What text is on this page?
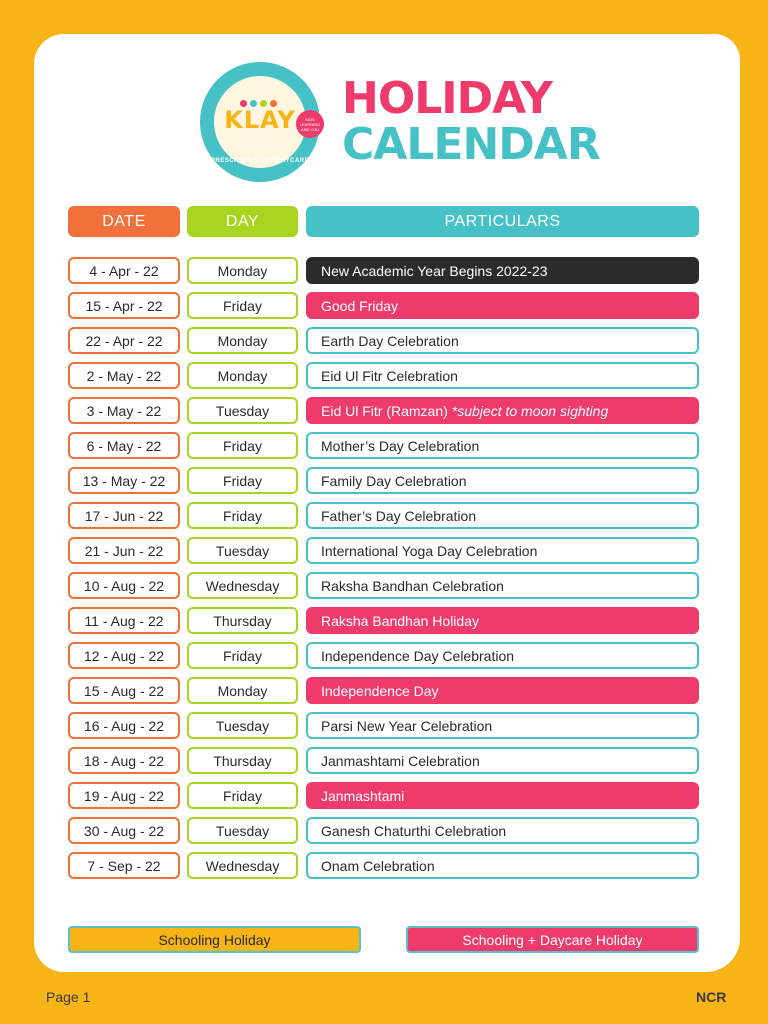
KLAY
PRESCHOOLS AND DAYCARE
KIDS LEARNING AND YOU
HOLIDAY
CALENDAR
DATE	DAY	PARTICULARS
4 - Apr - 22	Monday	New Academic Year Begins 2022-23
15 - Apr - 22	Friday	Good Friday
22 - Apr - 22	Monday	Earth Day Celebration
2 - May - 22	Monday	Eid Ul Fitr Celebration
3 - May - 22	Tuesday	Eid Ul Fitr (Ramzan) *subject to moon sighting
6 - May - 22	Friday	Mother’s Day Celebration
13 - May - 22	Friday	Family Day Celebration
17 - Jun - 22	Friday	Father’s Day Celebration
21 - Jun - 22	Tuesday	International Yoga Day Celebration
10 - Aug - 22	Wednesday	Raksha Bandhan Celebration
11 - Aug - 22	Thursday	Raksha Bandhan Holiday
12 - Aug - 22	Friday	Independence Day Celebration
15 - Aug - 22	Monday	Independence Day
16 - Aug - 22	Tuesday	Parsi New Year Celebration
18 - Aug - 22	Thursday	Janmashtami Celebration
19 - Aug - 22	Friday	Janmashtami
30 - Aug - 22	Tuesday	Ganesh Chaturthi Celebration
7 - Sep - 22	Wednesday	Onam Celebration
Schooling Holiday	Schooling + Daycare Holiday
Page 1	NCR
